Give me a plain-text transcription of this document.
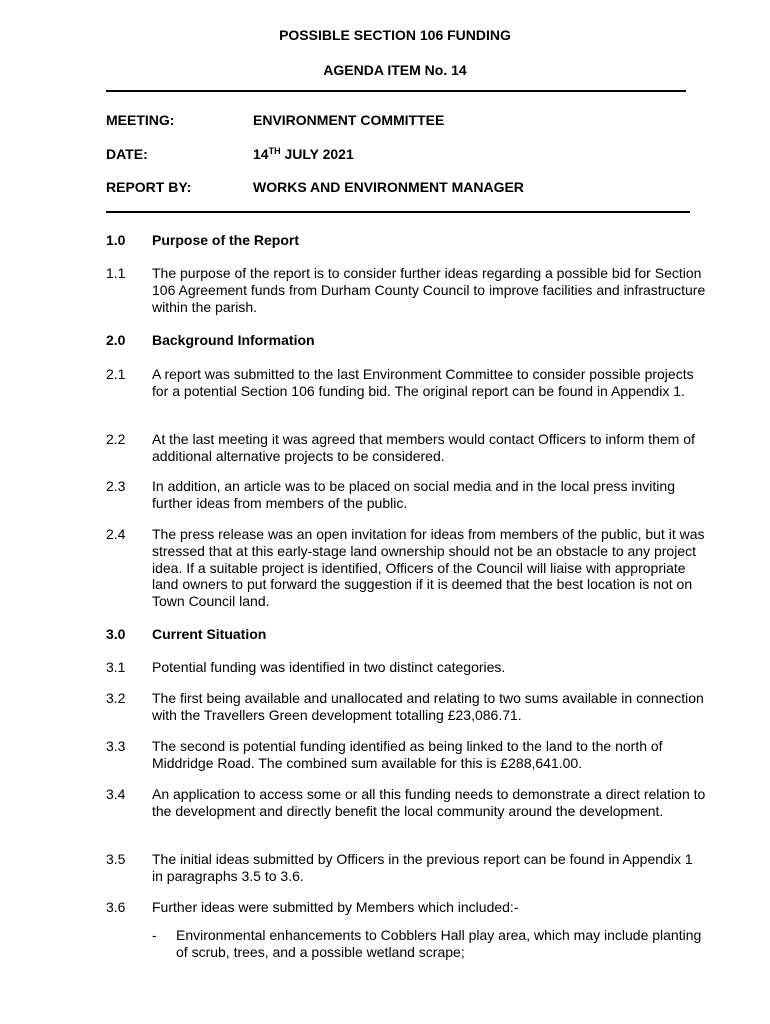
POSSIBLE SECTION 106 FUNDING
AGENDA ITEM No. 14
MEETING:	ENVIRONMENT COMMITTEE
DATE:	14TH JULY 2021
REPORT BY:	WORKS AND ENVIRONMENT MANAGER
1.0 Purpose of the Report
1.1 The purpose of the report is to consider further ideas regarding a possible bid for Section 106 Agreement funds from Durham County Council to improve facilities and infrastructure within the parish.
2.0 Background Information
2.1 A report was submitted to the last Environment Committee to consider possible projects for a potential Section 106 funding bid. The original report can be found in Appendix 1.
2.2 At the last meeting it was agreed that members would contact Officers to inform them of additional alternative projects to be considered.
2.3 In addition, an article was to be placed on social media and in the local press inviting further ideas from members of the public.
2.4 The press release was an open invitation for ideas from members of the public, but it was stressed that at this early-stage land ownership should not be an obstacle to any project idea. If a suitable project is identified, Officers of the Council will liaise with appropriate land owners to put forward the suggestion if it is deemed that the best location is not on Town Council land.
3.0 Current Situation
3.1 Potential funding was identified in two distinct categories.
3.2 The first being available and unallocated and relating to two sums available in connection with the Travellers Green development totalling £23,086.71.
3.3 The second is potential funding identified as being linked to the land to the north of Middridge Road. The combined sum available for this is £288,641.00.
3.4 An application to access some or all this funding needs to demonstrate a direct relation to the development and directly benefit the local community around the development.
3.5 The initial ideas submitted by Officers in the previous report can be found in Appendix 1 in paragraphs 3.5 to 3.6.
3.6 Further ideas were submitted by Members which included:-
- Environmental enhancements to Cobblers Hall play area, which may include planting of scrub, trees, and a possible wetland scrape;
